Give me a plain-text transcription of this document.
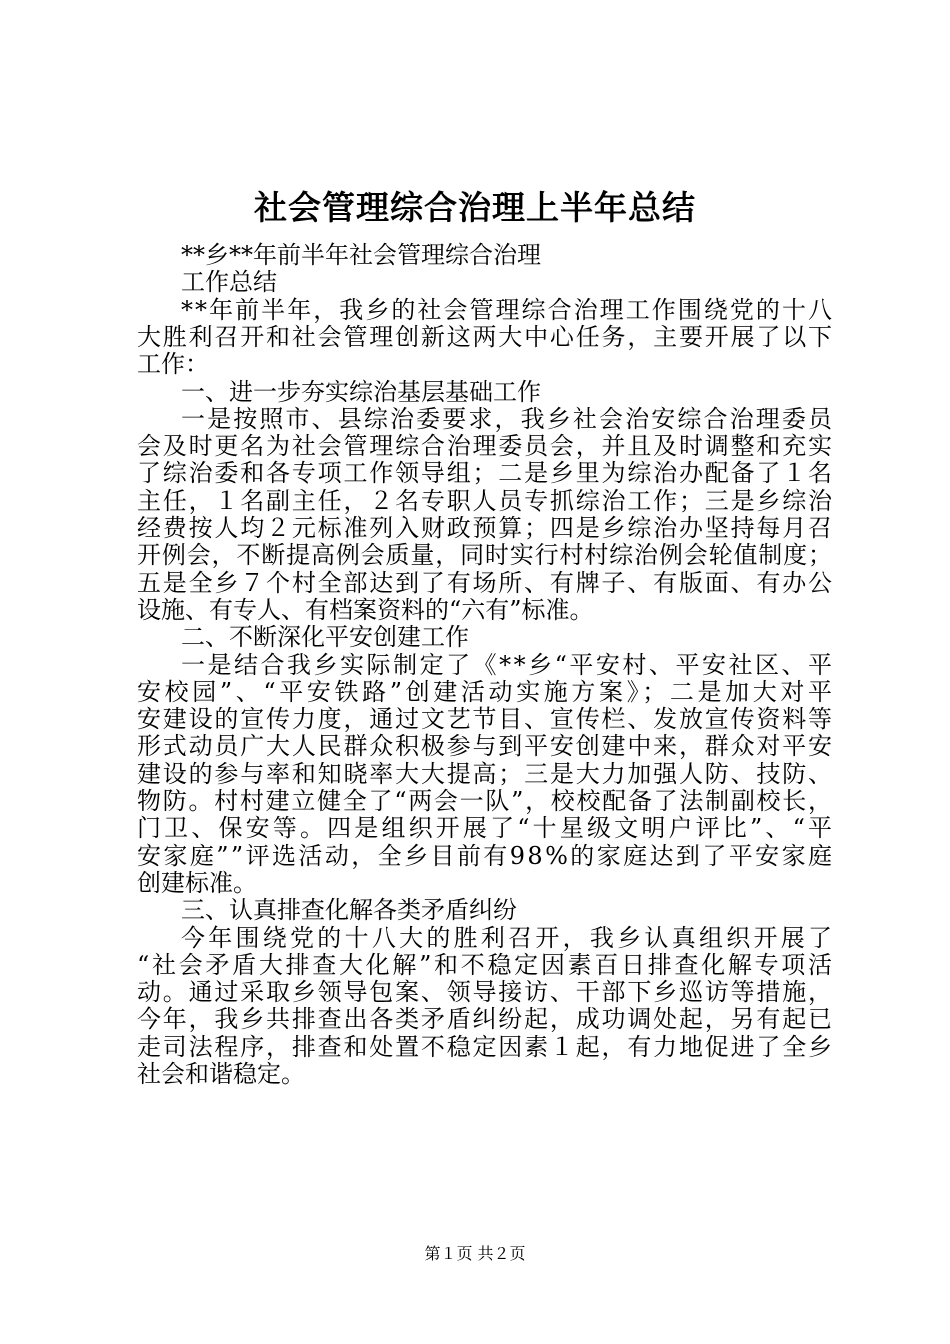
社会管理综合治理上半年总结
**乡**年前半年社会管理综合治理
工作总结
**年前半年，我乡的社会管理综合治理工作围绕党的十八
大胜利召开和社会管理创新这两大中心任务，主要开展了以下
工作：
一、进一步夯实综治基层基础工作
一是按照市、县综治委要求，我乡社会治安综合治理委员
会及时更名为社会管理综合治理委员会，并且及时调整和充实
了综治委和各专项工作领导组；二是乡里为综治办配备了１名
主任，１名副主任，２名专职人员专抓综治工作；三是乡综治
经费按人均２元标准列入财政预算；四是乡综治办坚持每月召
开例会，不断提高例会质量，同时实行村村综治例会轮值制度；
五是全乡７个村全部达到了有场所、有牌子、有版面、有办公
设施、有专人、有档案资料的“六有”标准。
二、不断深化平安创建工作
一是结合我乡实际制定了《**乡“平安村、平安社区、平
安校园”、“平安铁路”创建活动实施方案》；二是加大对平
安建设的宣传力度，通过文艺节目、宣传栏、发放宣传资料等
形式动员广大人民群众积极参与到平安创建中来，群众对平安
建设的参与率和知晓率大大提高；三是大力加强人防、技防、
物防。村村建立健全了“两会一队”，校校配备了法制副校长，
门卫、保安等。四是组织开展了“十星级文明户评比”、“平
安家庭””评选活动，全乡目前有98%的家庭达到了平安家庭
创建标准。
三、认真排查化解各类矛盾纠纷
今年围绕党的十八大的胜利召开，我乡认真组织开展了
“社会矛盾大排查大化解”和不稳定因素百日排查化解专项活
动。通过采取乡领导包案、领导接访、干部下乡巡访等措施，
今年，我乡共排查出各类矛盾纠纷起，成功调处起，另有起已
走司法程序，排查和处置不稳定因素１起，有力地促进了全乡
社会和谐稳定。
第１页 共２页
